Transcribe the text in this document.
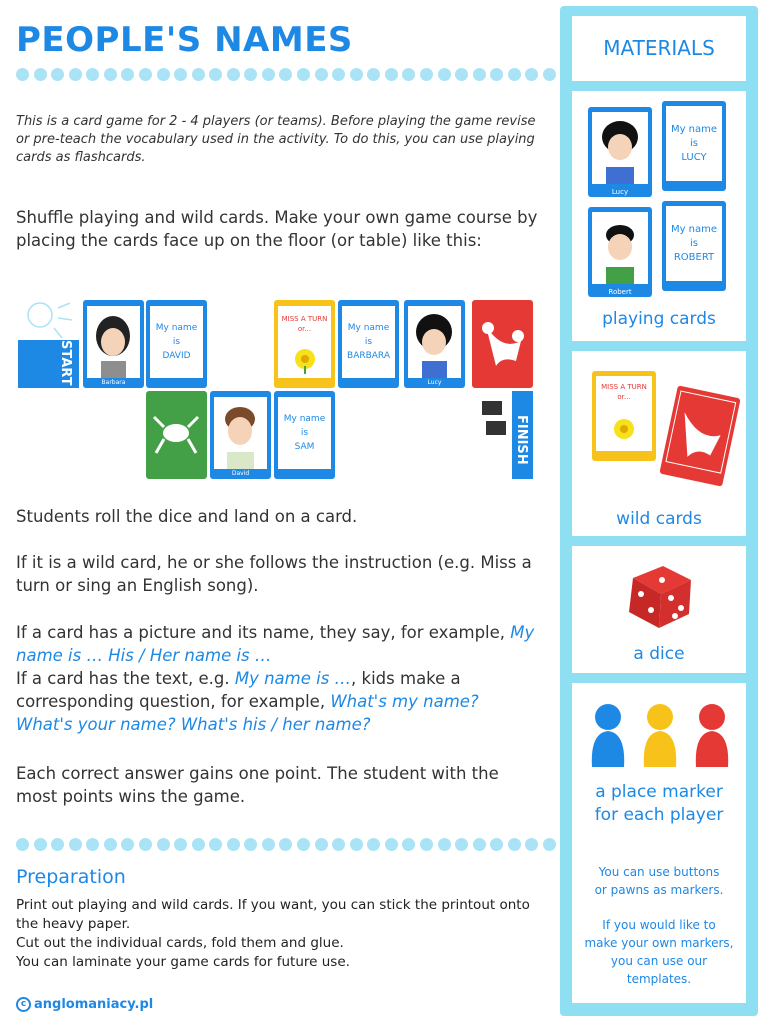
PEOPLE'S NAMES
This is a card game for 2 - 4 players (or teams). Before playing the game revise or pre-teach the vocabulary used in the activity. To do this, you can use playing cards as flashcards.
Shuffle playing and wild cards. Make your own game course by placing the cards face up on the floor (or table) like this:
START	Barbara
My name
is
DAVID
MISS A TURN or...	My name
is
BARBARA
Lucy
David
My name
is
SAM	FINISH
Students roll the dice and land on a card.
If it is a wild card, he or she follows the instruction (e.g. Miss a turn or sing an English song).
If a card has a picture and its name, they say, for example, My name is … His / Her name is …
If a card has the text, e.g. My name is …, kids make a corresponding question, for example, What's my name? What's your name? What's his / her name?
Each correct answer gains one point. The student with the most points wins the game.
Preparation
Print out playing and wild cards. If you want, you can stick the printout onto the heavy paper.
Cut out the individual cards, fold them and glue.
You can laminate your game cards for future use.
c anglomaniacy.pl
MATERIALS
Lucy
My name
is
LUCY
Robert
My name
is
ROBERT
playing cards
MISS A TURN or...
wild cards
a dice
a place marker for each player
You can use buttons or pawns as markers.
If you would like to make your own markers, you can use our templates.
